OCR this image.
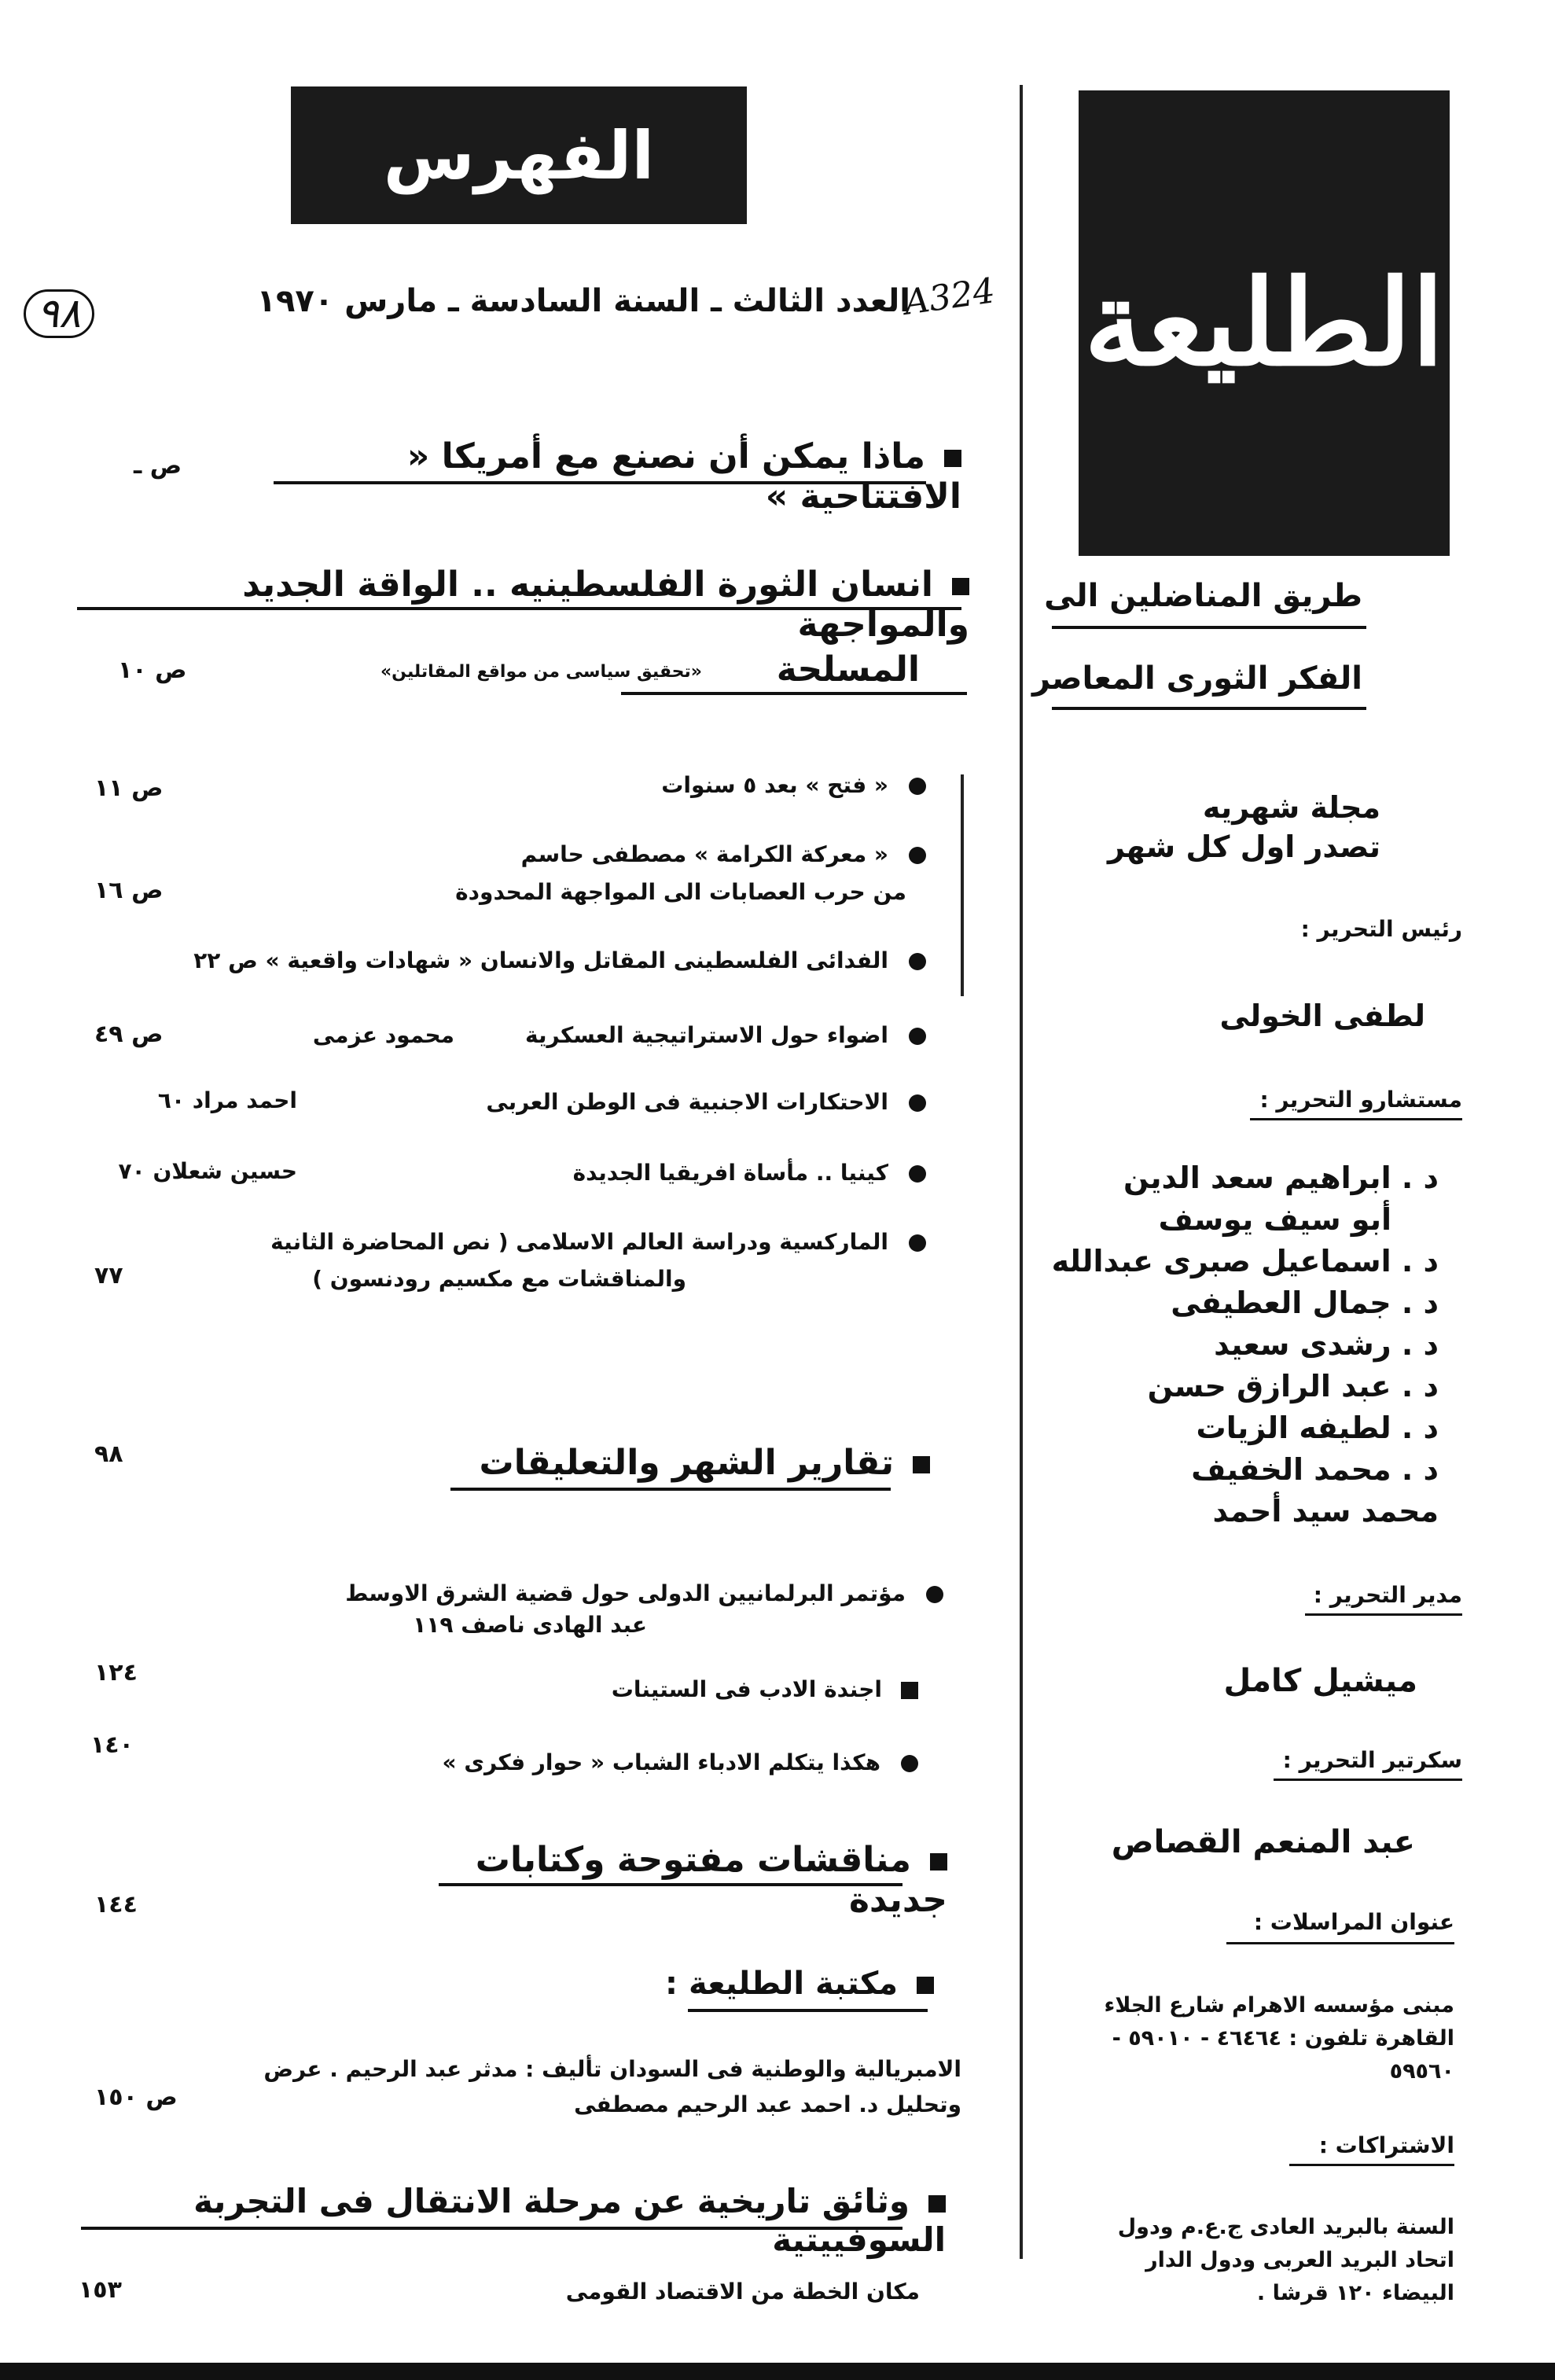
الطليعة
طريق المناضلين الى
الفكر الثورى المعاصر
مجلة شهريه
تصدر اول كل شهر
رئيس التحرير :
لطفى الخولى
مستشارو التحرير :
د . ابراهيم سعد الدين
أبو سيف يوسف
د . اسماعيل صبرى عبدالله
د . جمال العطيفى
د . رشدى سعيد
د . عبد الرازق حسن
د . لطيفه الزيات
د . محمد الخفيف
محمد سيد أحمد
مدير التحرير :
ميشيل كامل
سكرتير التحرير :
عبد المنعم القصاص
عنوان المراسلات :
مبنى مؤسسه الاهرام شارع الجلاء
القاهرة تلفون : ٤٦٤٦٤ - ٥٩٠١٠ -
٥٩٥٦٠
الاشتراكات :
السنة بالبريد العادى ج.ع.م ودول
اتحاد البريد العربى ودول الدار
البيضاء ١٢٠ قرشا .
الفهرس
العدد الثالث ـ السنة السادسة ـ مارس ١٩٧٠
A324
٩٨
ماذا يمكن أن نصنع مع أمريكا « الافتتاحية »
ص ـ
انسان الثورة الفلسطينيه .. الواقة الجديد والمواجهة
المسلحة
«تحقيق سياسى من مواقع المقاتلين»
ص ١٠
« فتح » بعد ٥ سنوات
ص ١١
« معركة الكرامة » مصطفى حاسم
من حرب العصابات الى المواجهة المحدودة
ص ١٦
الفدائى الفلسطينى المقاتل والانسان « شهادات واقعية » ص ٢٢
اضواء حول الاستراتيجية العسكرية
محمود عزمى
ص ٤٩
الاحتكارات الاجنبية فى الوطن العربى
احمد مراد ٦٠
كينيا .. مأساة افريقيا الجديدة
حسين شعلان ٧٠
الماركسية ودراسة العالم الاسلامى ( نص المحاضرة الثانية
والمناقشات مع مكسيم رودنسون )
٧٧
تقارير الشهر والتعليقات
٩٨
مؤتمر البرلمانيين الدولى حول قضية الشرق الاوسط
عبد الهادى ناصف ١١٩
اجندة الادب فى الستينات
١٢٤
هكذا يتكلم الادباء الشباب « حوار فكرى »
١٤٠
مناقشات مفتوحة وكتابات جديدة
١٤٤
مكتبة الطليعة :
الامبريالية والوطنية فى السودان تأليف : مدثر عبد الرحيم . عرض
وتحليل د. احمد عبد الرحيم مصطفى
ص ١٥٠
وثائق تاريخية عن مرحلة الانتقال فى التجربة السوفييتية
مكان الخطة من الاقتصاد القومى
١٥٣
